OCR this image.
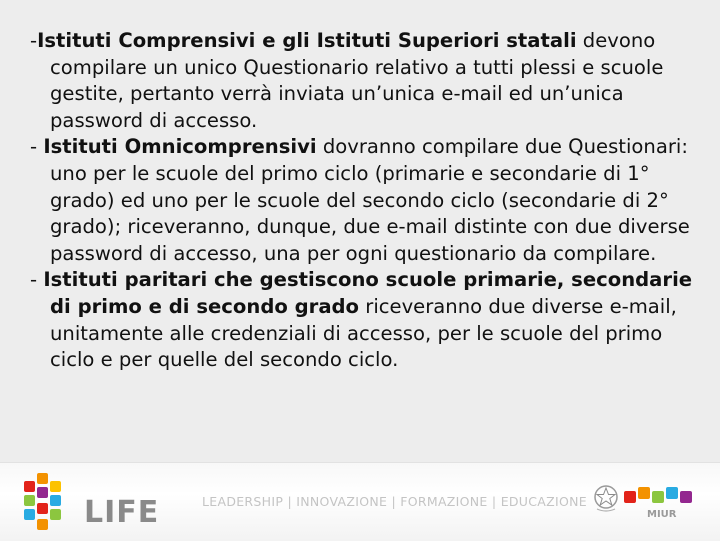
-Istituti Comprensivi e gli Istituti Superiori statali devono compilare un unico Questionario relativo a tutti plessi e scuole gestite, pertanto verrà inviata un’unica e-mail ed un’unica password di accesso.

- Istituti Omnicomprensivi dovranno compilare due Questionari: uno per le scuole del primo ciclo (primarie e secondarie di 1° grado) ed uno per le scuole del secondo ciclo (secondarie di 2° grado); riceveranno, dunque, due e-mail distinte con due diverse password di accesso, una per ogni questionario da compilare.

- Istituti paritari che gestiscono scuole primarie, secondarie di primo e di secondo grado riceveranno due diverse e-mail, unitamente alle credenziali di accesso, per le scuole del primo ciclo e per quelle del secondo ciclo.

LIFE	LEADERSHIP | INNOVAZIONE | FORMAZIONE | EDUCAZIONE
MIUR
